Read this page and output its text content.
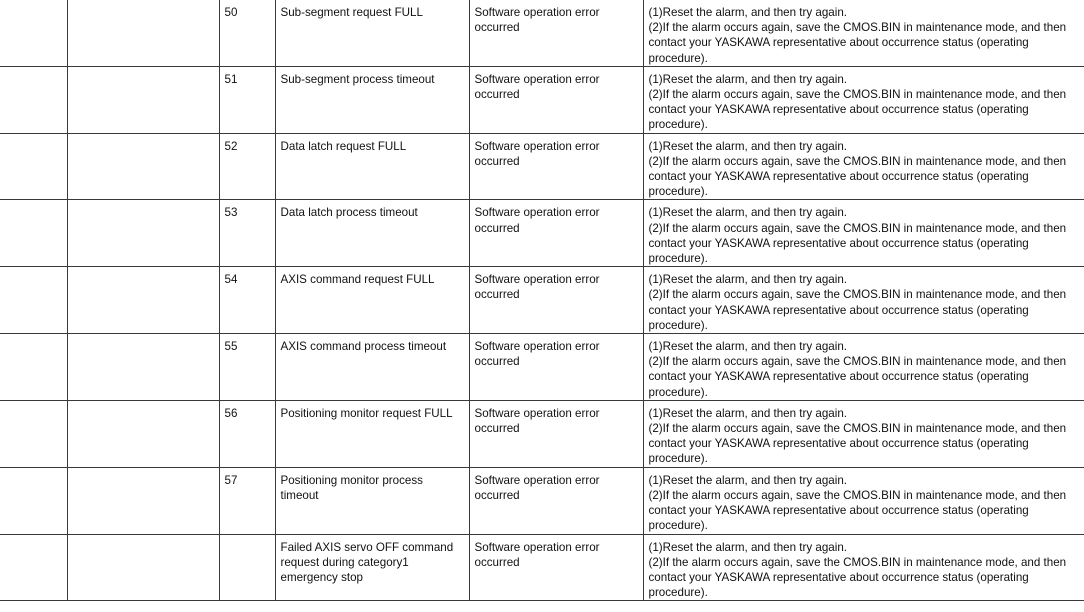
		50	Sub-segment request FULL	Software operation error occurred	(1)Reset the alarm, and then try again.
(2)If the alarm occurs again, save the CMOS.BIN in maintenance mode, and then contact your YASKAWA representative about occurrence status (operating procedure).

		51	Sub-segment process timeout	Software operation error occurred	(1)Reset the alarm, and then try again.
(2)If the alarm occurs again, save the CMOS.BIN in maintenance mode, and then contact your YASKAWA representative about occurrence status (operating procedure).

		52	Data latch request FULL	Software operation error occurred	(1)Reset the alarm, and then try again.
(2)If the alarm occurs again, save the CMOS.BIN in maintenance mode, and then contact your YASKAWA representative about occurrence status (operating procedure).

		53	Data latch process timeout	Software operation error occurred	(1)Reset the alarm, and then try again.
(2)If the alarm occurs again, save the CMOS.BIN in maintenance mode, and then contact your YASKAWA representative about occurrence status (operating procedure).

		54	AXIS command request FULL	Software operation error occurred	(1)Reset the alarm, and then try again.
(2)If the alarm occurs again, save the CMOS.BIN in maintenance mode, and then contact your YASKAWA representative about occurrence status (operating procedure).

		55	AXIS command process timeout	Software operation error occurred	(1)Reset the alarm, and then try again.
(2)If the alarm occurs again, save the CMOS.BIN in maintenance mode, and then contact your YASKAWA representative about occurrence status (operating procedure).

		56	Positioning monitor request FULL	Software operation error occurred	(1)Reset the alarm, and then try again.
(2)If the alarm occurs again, save the CMOS.BIN in maintenance mode, and then contact your YASKAWA representative about occurrence status (operating procedure).

		57	Positioning monitor process timeout	Software operation error occurred	(1)Reset the alarm, and then try again.
(2)If the alarm occurs again, save the CMOS.BIN in maintenance mode, and then contact your YASKAWA representative about occurrence status (operating procedure).

			Failed AXIS servo OFF command request during category1 emergency stop	Software operation error occurred	(1)Reset the alarm, and then try again.
(2)If the alarm occurs again, save the CMOS.BIN in maintenance mode, and then contact your YASKAWA representative about occurrence status (operating procedure).
